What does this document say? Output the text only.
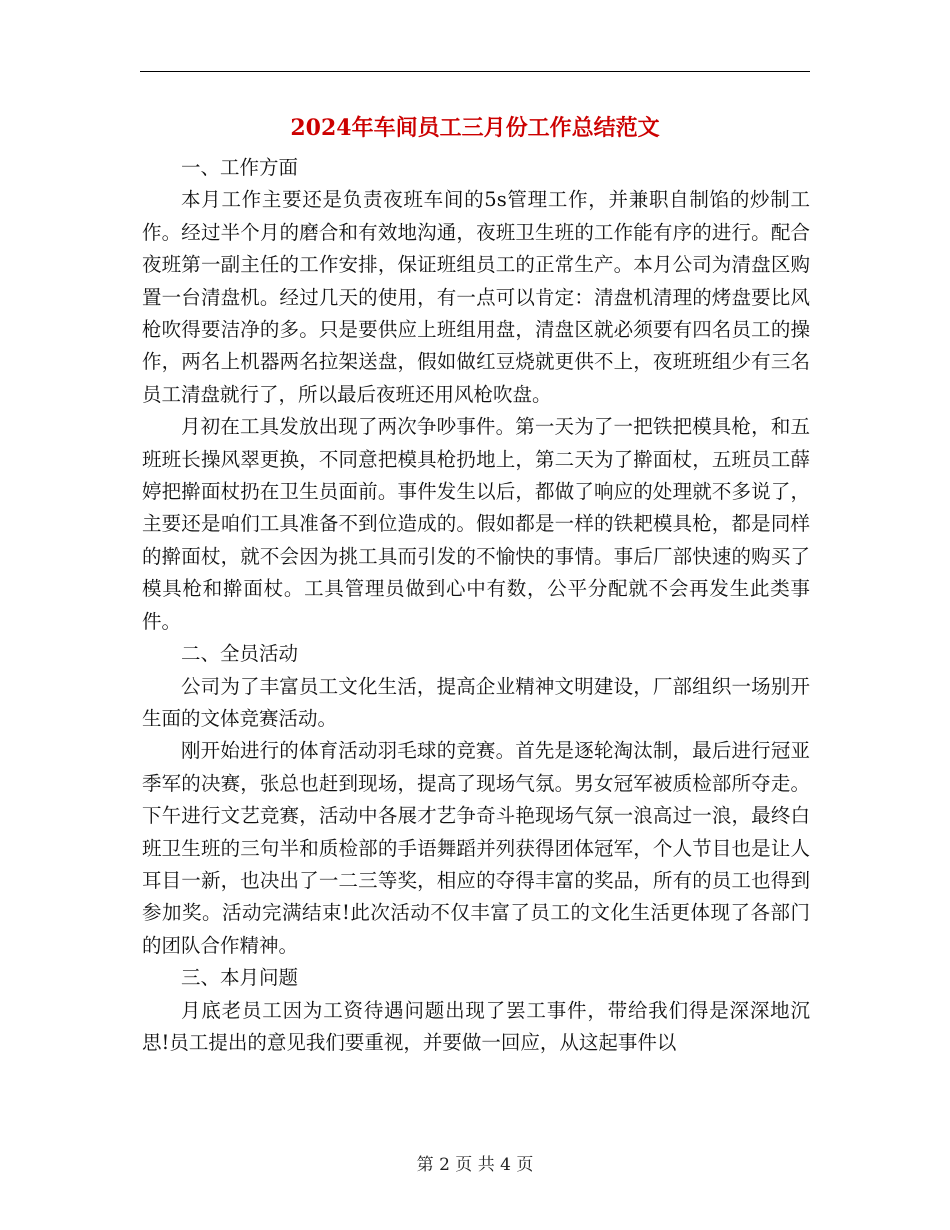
2024年车间员工三月份工作总结范文

一、工作方面

本月工作主要还是负责夜班车间的5s管理工作，并兼职自制馅的炒制工作。经过半个月的磨合和有效地沟通，夜班卫生班的工作能有序的进行。配合夜班第一副主任的工作安排，保证班组员工的正常生产。本月公司为清盘区购置一台清盘机。经过几天的使用，有一点可以肯定：清盘机清理的烤盘要比风枪吹得要洁净的多。只是要供应上班组用盘，清盘区就必须要有四名员工的操作，两名上机器两名拉架送盘，假如做红豆烧就更供不上，夜班班组少有三名员工清盘就行了，所以最后夜班还用风枪吹盘。

月初在工具发放出现了两次争吵事件。第一天为了一把铁把模具枪，和五班班长操风翠更换，不同意把模具枪扔地上，第二天为了擀面杖，五班员工薛婷把擀面杖扔在卫生员面前。事件发生以后，都做了响应的处理就不多说了，主要还是咱们工具准备不到位造成的。假如都是一样的铁耙模具枪，都是同样的擀面杖，就不会因为挑工具而引发的不愉快的事情。事后厂部快速的购买了模具枪和擀面杖。工具管理员做到心中有数，公平分配就不会再发生此类事件。

二、全员活动

公司为了丰富员工文化生活，提高企业精神文明建设，厂部组织一场别开生面的文体竞赛活动。

刚开始进行的体育活动羽毛球的竞赛。首先是逐轮淘汰制，最后进行冠亚季军的决赛，张总也赶到现场，提高了现场气氛。男女冠军被质检部所夺走。下午进行文艺竞赛，活动中各展才艺争奇斗艳现场气氛一浪高过一浪，最终白班卫生班的三句半和质检部的手语舞蹈并列获得团体冠军，个人节目也是让人耳目一新，也决出了一二三等奖，相应的夺得丰富的奖品，所有的员工也得到参加奖。活动完满结束!此次活动不仅丰富了员工的文化生活更体现了各部门的团队合作精神。

三、本月问题

月底老员工因为工资待遇问题出现了罢工事件，带给我们得是深深地沉思!员工提出的意见我们要重视，并要做一回应，从这起事件以

第 2 页 共 4 页
